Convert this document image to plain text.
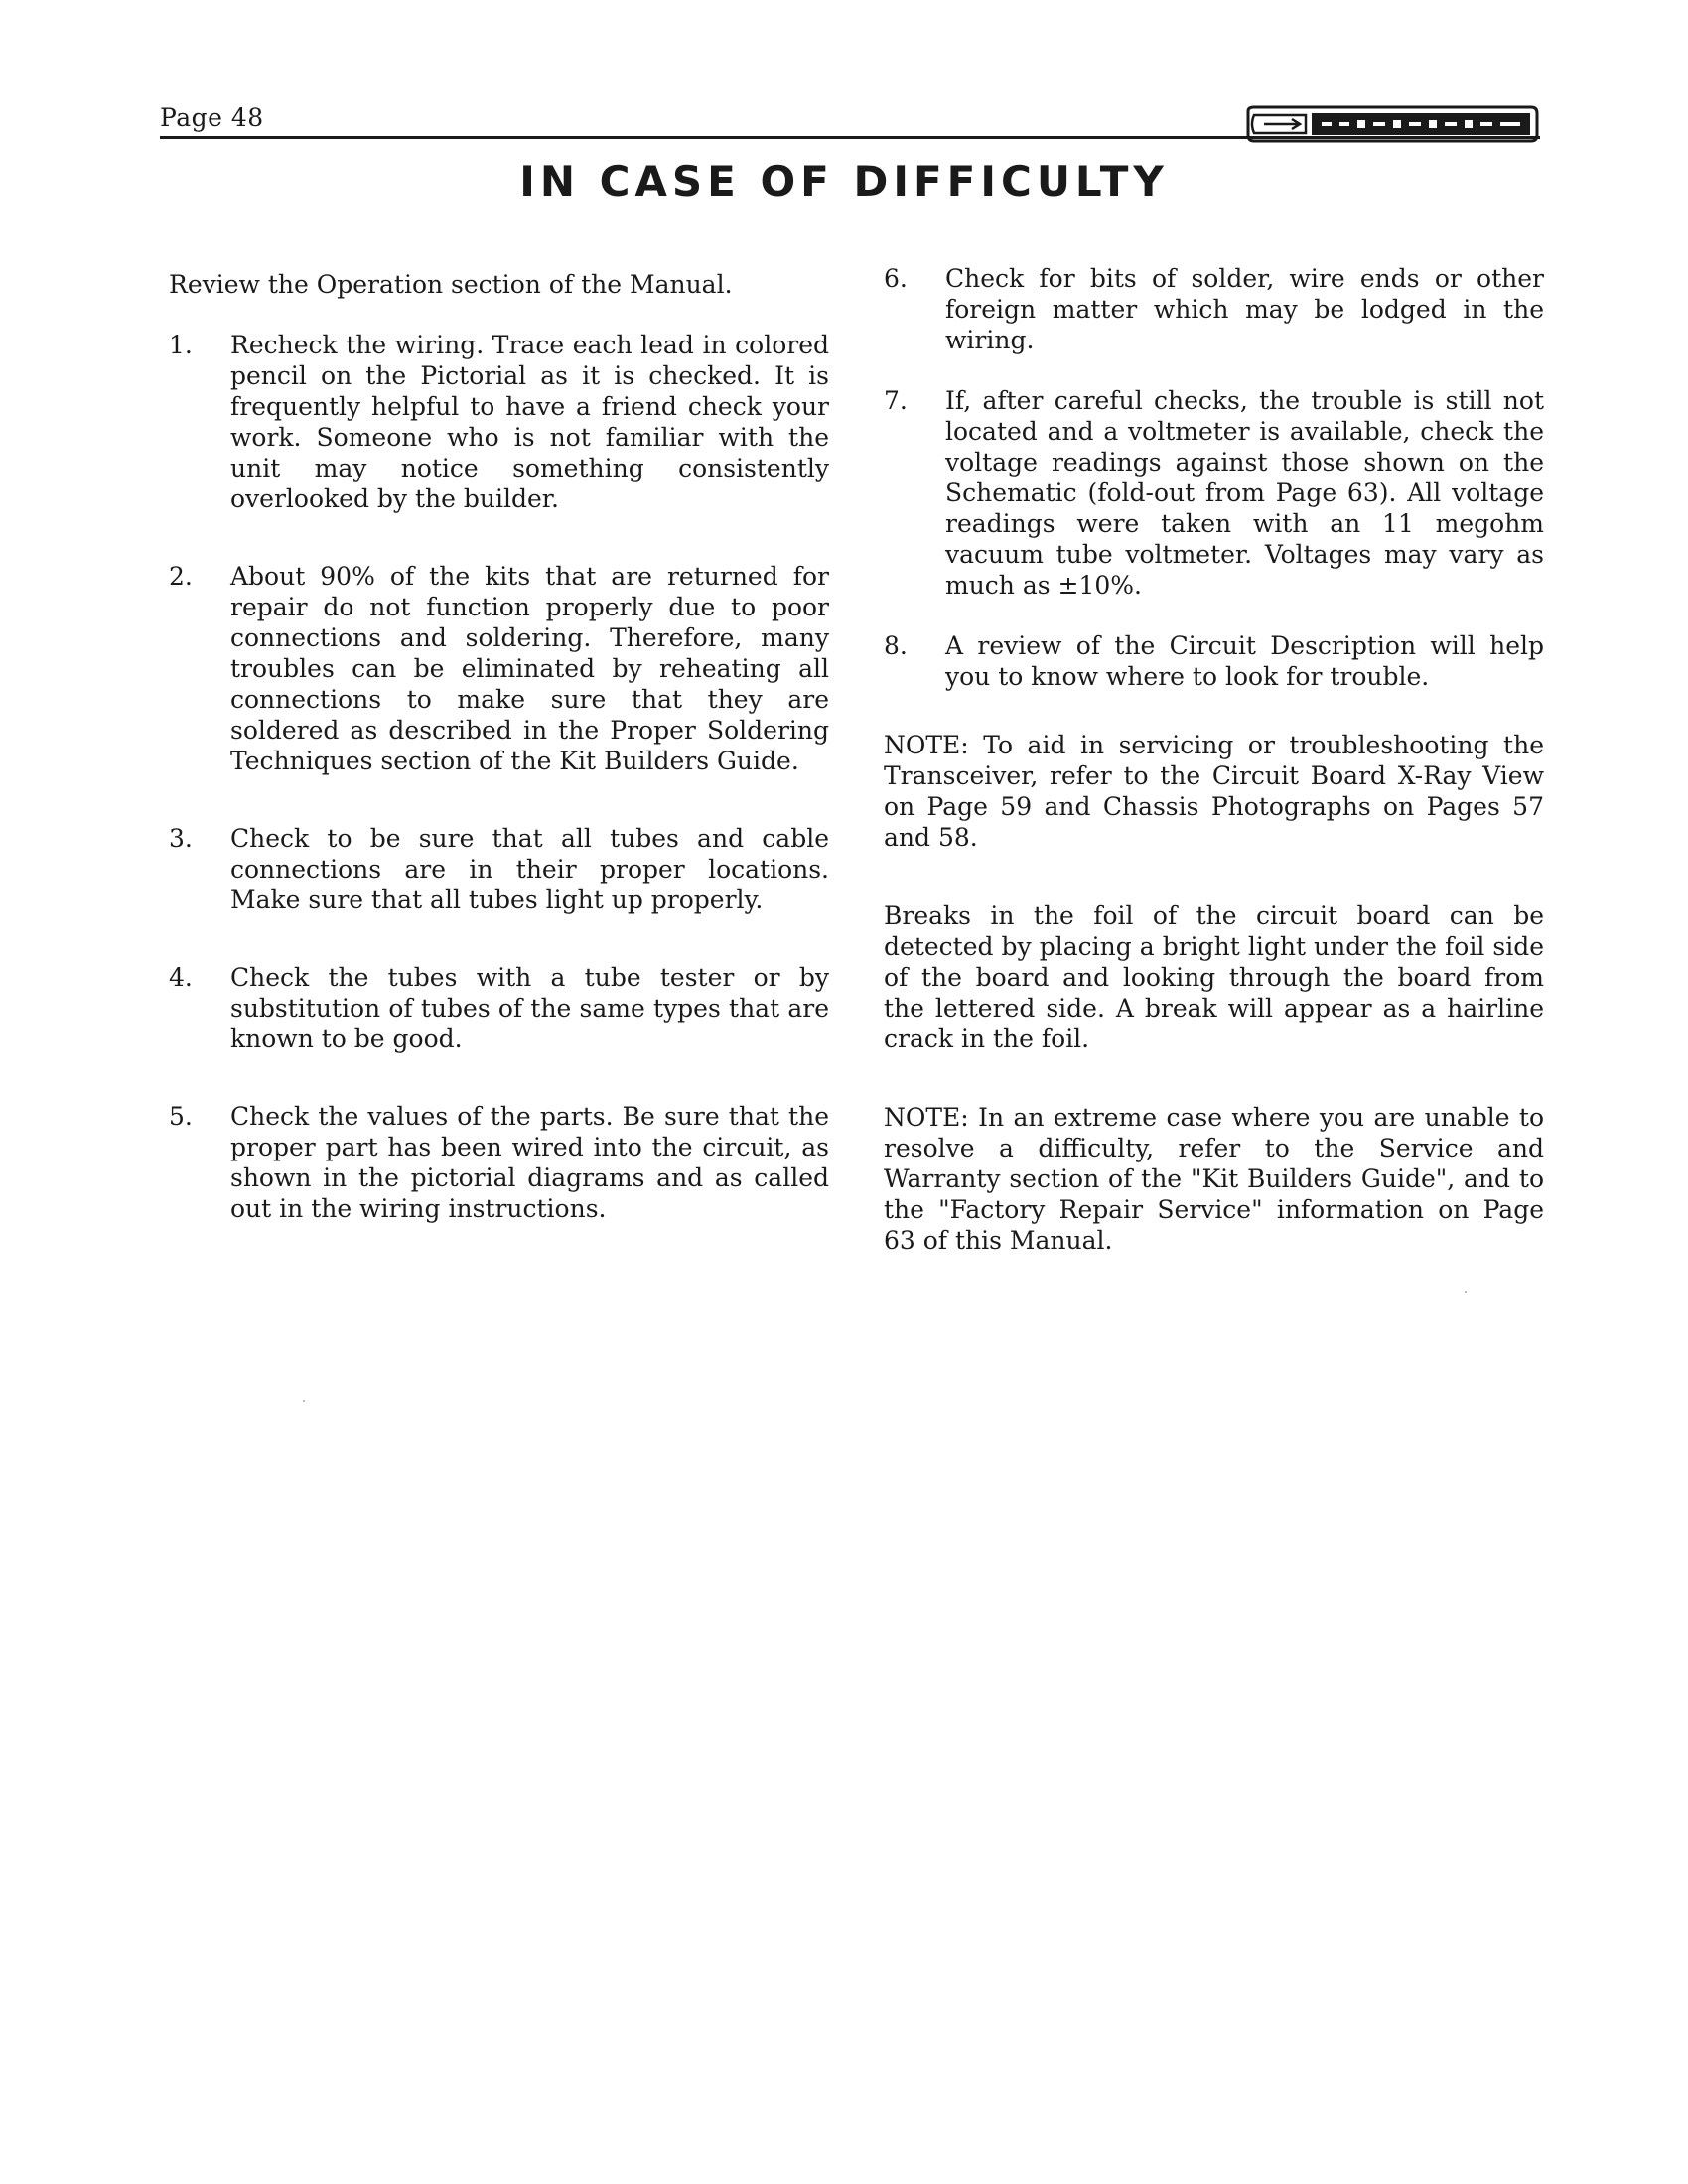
Page 48
IN CASE OF DIFFICULTY

Review the Operation section of the Manual.

1.	Recheck the wiring. Trace each lead in colored pencil on the Pictorial as it is checked. It is frequently helpful to have a friend check your work. Someone who is not familiar with the unit may notice something consistently overlooked by the builder.
2.	About 90% of the kits that are returned for repair do not function properly due to poor connections and soldering. Therefore, many troubles can be eliminated by reheating all connections to make sure that they are soldered as described in the Proper Soldering Techniques section of the Kit Builders Guide.
3.	Check to be sure that all tubes and cable connections are in their proper locations. Make sure that all tubes light up properly.
4.	Check the tubes with a tube tester or by substitution of tubes of the same types that are known to be good.
5.	Check the values of the parts. Be sure that the proper part has been wired into the circuit, as shown in the pictorial diagrams and as called out in the wiring instructions.
6.	Check for bits of solder, wire ends or other foreign matter which may be lodged in the wiring.
7.	If, after careful checks, the trouble is still not located and a voltmeter is available, check the voltage readings against those shown on the Schematic (fold-out from Page 63). All voltage readings were taken with an 11 megohm vacuum tube voltmeter. Voltages may vary as much as ±10%.
8.	A review of the Circuit Description will help you to know where to look for trouble.

NOTE: To aid in servicing or troubleshooting the Transceiver, refer to the Circuit Board X-Ray View on Page 59 and Chassis Photographs on Pages 57 and 58.

Breaks in the foil of the circuit board can be detected by placing a bright light under the foil side of the board and looking through the board from the lettered side. A break will appear as a hairline crack in the foil.

NOTE: In an extreme case where you are unable to resolve a difficulty, refer to the Service and Warranty section of the "Kit Builders Guide", and to the "Factory Repair Service" information on Page 63 of this Manual.
